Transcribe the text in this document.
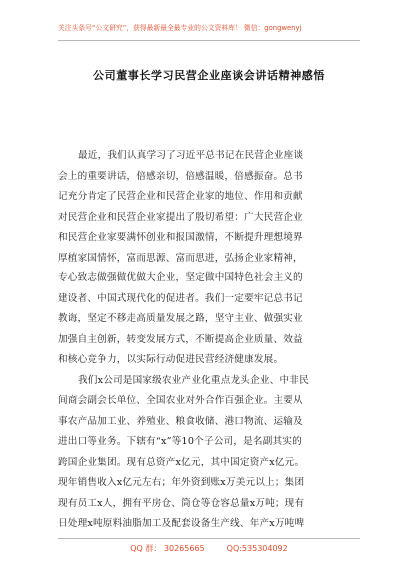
关注头条号“公文研究”，获得最新最全最专业的公文资料库！ 微信：gongwenyj
公司董事长学习民营企业座谈会讲话精神感悟
最近，我们认真学习了习近平总书记在民营企业座谈
会上的重要讲话，倍感亲切，倍感温暖，倍感振奋。总书
记充分肯定了民营企业和民营企业家的地位、作用和贡献
对民营企业和民营企业家提出了殷切希望：广大民营企业
和民营企业家要满怀创业和报国激情，不断提升理想境界
厚植家国情怀，富而思源、富而思进，弘扬企业家精神，
专心致志做强做优做大企业，坚定做中国特色社会主义的
建设者、中国式现代化的促进者。我们一定要牢记总书记
教诲，坚定不移走高质量发展之路，坚守主业、做强实业
加强自主创新，转变发展方式，不断提高企业质量、效益
和核心竞争力，以实际行动促进民营经济健康发展。
我们x公司是国家级农业产业化重点龙头企业、中非民
间商会副会长单位、全国农业对外合作百强企业。主要从
事农产品加工业、养殖业、粮食收储、港口物流、运输及
进出口等业务。下辖有“x”等10个子公司，是名副其实的
跨国企业集团。现有总资产x亿元，其中国定资产x亿元。
现年销售收入x亿元左右；年外资到账x万美元以上；集团
现有员工x人，拥有平房仓、筒仓等仓容总量x万吨；现有
日处理x吨原料油脂加工及配套设备生产线、年产x万吨啤
QQ 群： 30265665	QQ:535304092
